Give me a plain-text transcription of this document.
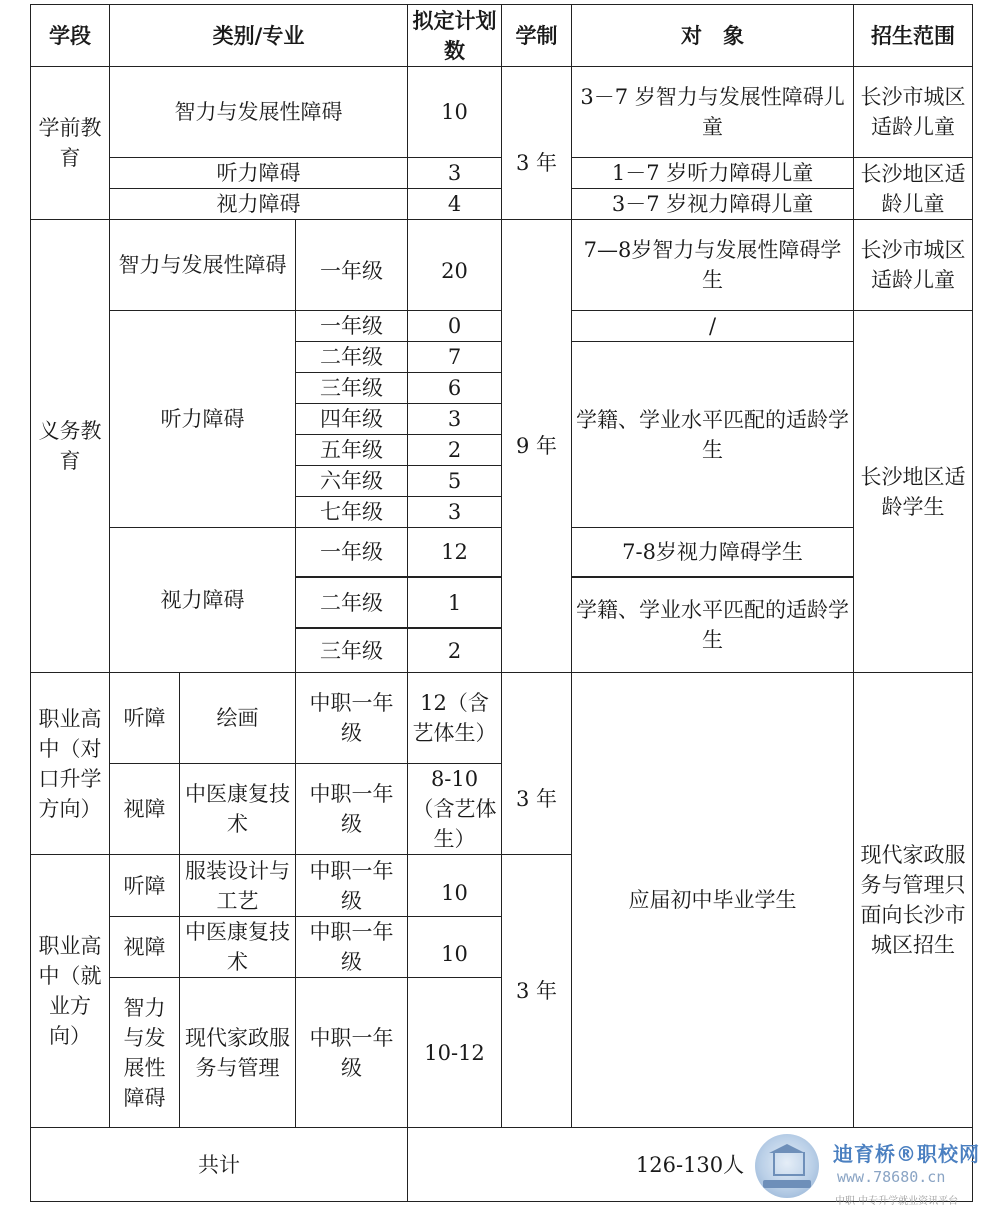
学段	类别/专业			拟定计划数	学制	对　象	招生范围
学前教育	智力与发展性障碍			10	3 年	3－7 岁智力与发展性障碍儿童	长沙市城区适龄儿童
	听力障碍			3		1－7 岁听力障碍儿童	长沙地区适龄儿童
	视力障碍			4		3－7 岁视力障碍儿童	
义务教育	智力与发展性障碍		一年级	20	9 年	7—8岁智力与发展性障碍学生	长沙市城区适龄儿童
	听力障碍		一年级	0		/	长沙地区适龄学生
			二年级	7		学籍、学业水平匹配的适龄学生	
			三年级	6			
			四年级	3			
			五年级	2			
			六年级	5			
			七年级	3			
	视力障碍		一年级	12		7-8岁视力障碍学生	

			二年级	1		学籍、学业水平匹配的适龄学生	

			三年级	2			
职业高中（对口升学方向）	听障	绘画	中职一年级	12（含艺体生）	3 年	应届初中毕业学生	现代家政服务与管理只面向长沙市城区招生
	视障	中医康复技术	中职一年级	8-10（含艺体生）			
职业高中（就业方向）	听障	服装设计与工艺	中职一年级	10	3 年		
	视障	中医康复技术	中职一年级	10			
	智力与发展性障碍	现代家政服务与管理	中职一年级	10-12			
共计				126-130人				迪育桥®职校网
www.78680.cn
中职 中专升学就业资讯平台
